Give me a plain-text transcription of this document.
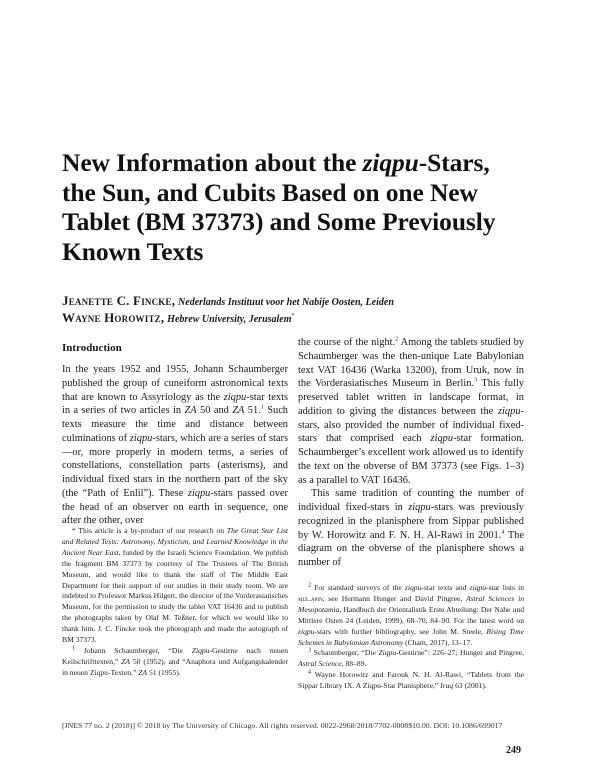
New Information about the ziqpu-Stars,
the Sun, and Cubits Based on one New
Tablet (BM 37373) and Some Previously
Known Texts
Jeanette C. Fincke, Nederlands Instituut voor het Nabije Oosten, Leiden
Wayne Horowitz, Hebrew University, Jerusalem*
Introduction

In the years 1952 and 1955, Johann Schaumberger published the group of cuneiform astronomical texts that are known to Assyriology as the ziqpu-star texts in a series of two articles in ZA 50 and ZA 51.$^1$ Such texts measure the time and distance between culminations of ziqpu-stars, which are a series of stars—or, more properly in modern terms, a series of constellations, constellation parts (asterisms), and individual fixed stars in the northern part of the sky (the “Path of Enlil”). These ziqpu-stars passed over the head of an observer on earth in sequence, one after the other, over

the course of the night.$^2$ Among the tablets studied by Schaumberger was the then-unique Late Babylonian text VAT 16436 (Warka 13200), from Uruk, now in the Vorderasiatisches Museum in Berlin.$^3$ This fully preserved tablet written in landscape format, in addition to giving the distances between the ziqpu-stars, also provided the number of individual fixed-stars that comprised each ziqpu-star formation. Schaumberger’s excellent work allowed us to identify the text on the obverse of BM 37373 (see Figs. 1–3) as a parallel to VAT 16436.

This same tradition of counting the number of individual fixed-stars in ziqpu-stars was previously recognized in the planisphere from Sippar published by W. Horowitz and F. N. H. Al-Rawi in 2001.$^4$ The diagram on the obverse of the planisphere shows a number of

* This article is a by-product of our research on The Great Star List and Related Texts: Astronomy, Mysticism, and Learned Knowledge in the Ancient Near East, funded by the Israeli Science Foundation. We publish the fragment BM 37373 by courtesy of The Trustees of The British Museum, and would like to thank the staff of The Middle East Department for their support of our studies in their study room. We are indebted to Professor Markus Hilgert, the director of the Vorderasiatisches Museum, for the permission to study the tablet VAT 16436 and to publish the photographs taken by Olaf M. Teßner, for which we would like to thank him. J. C. Fincke took the photograph and made the autograph of BM 37373.

$^1$ Johann Schaumberger, “Die Ziqpu-Gestirne nach neuen Keilschrifttexten,” ZA 50 (1952), and “Anaphora und Aufgangskalender in neuen Ziqpu-Texten,” ZA 51 (1955).

$^2$ For standard surveys of the ziqpu-star texts and ziqpu-star lists in mul.apin, see Hermann Hunger and David Pingree, Astral Sciences in Mesopotamia, Handbuch der Orientalistik Erste Abteilung: Der Nahe und Mittlere Osten 24 (Leiden, 1999), 68–70, 84–90. For the latest word on ziqpu-stars with further bibliography, see John M. Steele, Rising Time Schemes in Babylonian Astronomy (Cham, 2017), 13–17.

$^3$ Schaumberger, “Die Ziqpu-Gestirne”: 226–27; Hunger and Pingree, Astral Science, 88–89.

$^4$ Wayne Horowitz and Farouk N. H. Al-Rawi, “Tablets from the Sippar Library IX. A Ziqpu-Star Planisphere,” Iraq 63 (2001).

[JNES 77 no. 2 (2018)] © 2018 by The University of Chicago. All rights reserved. 0022-2968/2018/7702-0008$10.00. DOI: 10.1086/699017
249
